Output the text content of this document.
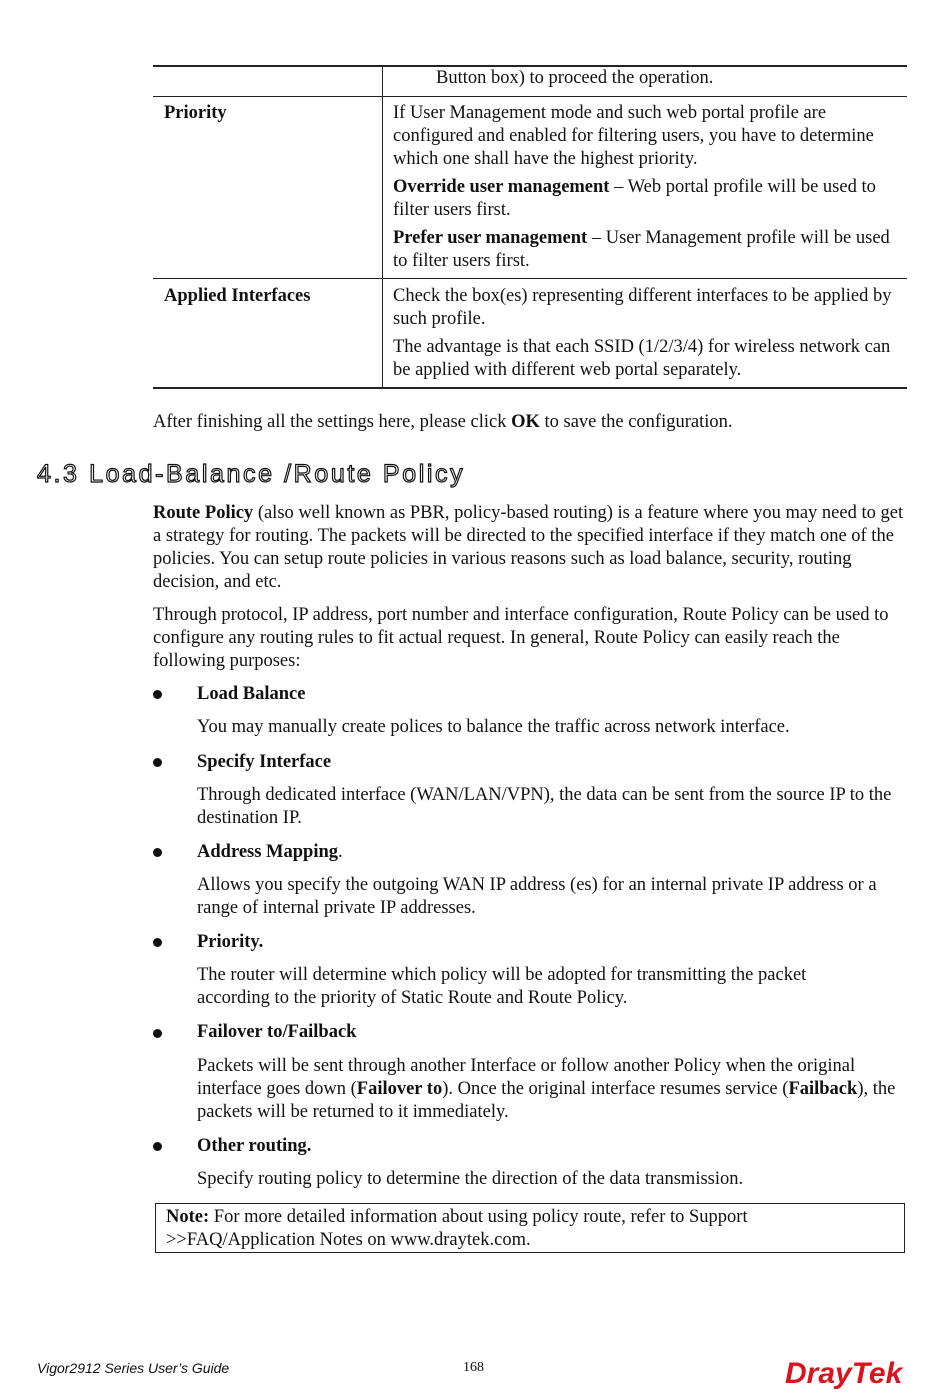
Button box) to proceed the operation.
Priority	If User Management mode and such web portal profile are configured and enabled for filtering users, you have to determine which one shall have the highest priority.

Override user management – Web portal profile will be used to filter users first.

Prefer user management – User Management profile will be used to filter users first.

Applied Interfaces	Check the box(es) representing different interfaces to be applied by such profile.

The advantage is that each SSID (1/2/3/4) for wireless network can be applied with different web portal separately.

After finishing all the settings here, please click OK to save the configuration.

4.3 Load-Balance /Route Policy

Route Policy (also well known as PBR, policy-based routing) is a feature where you may need to get a strategy for routing. The packets will be directed to the specified interface if they match one of the policies. You can setup route policies in various reasons such as load balance, security, routing decision, and etc.

Through protocol, IP address, port number and interface configuration, Route Policy can be used to configure any routing rules to fit actual request. In general, Route Policy can easily reach the following purposes:

Load Balance
You may manually create polices to balance the traffic across network interface.
Specify Interface
Through dedicated interface (WAN/LAN/VPN), the data can be sent from the source IP to the destination IP.
Address Mapping.
Allows you specify the outgoing WAN IP address (es) for an internal private IP address or a range of internal private IP addresses.
Priority.
The router will determine which policy will be adopted for transmitting the packet according to the priority of Static Route and Route Policy.
Failover to/Failback
Packets will be sent through another Interface or follow another Policy when the original interface goes down (Failover to). Once the original interface resumes service (Failback), the packets will be returned to it immediately.
Other routing.
Specify routing policy to determine the direction of the data transmission.
Note: For more detailed information about using policy route, refer to Support >>FAQ/Application Notes on www.draytek.com.
Vigor2912 Series User’s Guide	168	DrayTek
